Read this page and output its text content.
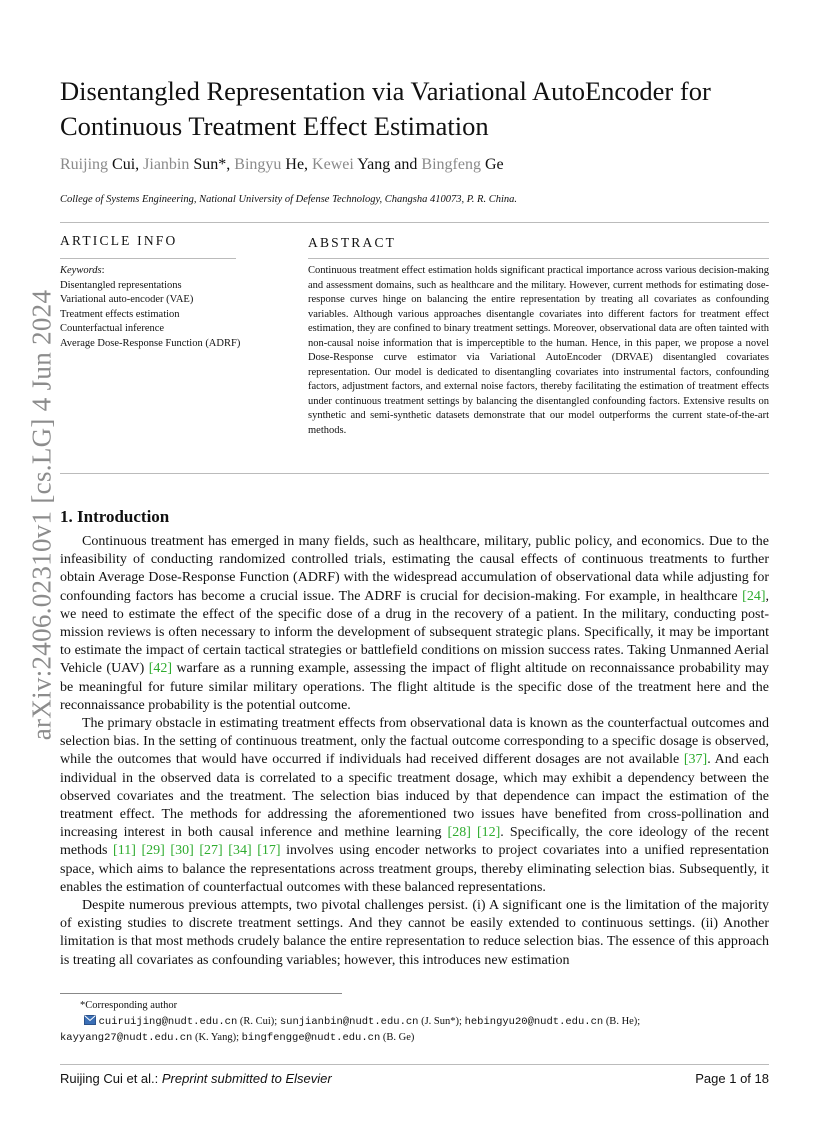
arXiv:2406.02310v1 [cs.LG] 4 Jun 2024
Disentangled Representation via Variational AutoEncoder for
Continuous Treatment Effect Estimation
Ruijing Cui, Jianbin Sun*, Bingyu He, Kewei Yang and Bingfeng Ge
College of Systems Engineering, National University of Defense Technology, Changsha 410073, P. R. China.
ARTICLE INFO
Keywords:
Disentangled representations
Variational auto-encoder (VAE)
Treatment effects estimation
Counterfactual inference
Average Dose-Response Function (ADRF)
ABSTRACT
Continuous treatment effect estimation holds significant practical importance across various decision-making and assessment domains, such as healthcare and the military. However, current methods for estimating dose-response curves hinge on balancing the entire representation by treating all covariates as confounding variables. Although various approaches disentangle covariates into different factors for treatment effect estimation, they are confined to binary treatment settings. Moreover, observational data are often tainted with non-causal noise information that is imperceptible to the human. Hence, in this paper, we propose a novel Dose-Response curve estimator via Variational AutoEncoder (DRVAE) disentangled covariates representation. Our model is dedicated to disentangling covariates into instrumental factors, confounding factors, adjustment factors, and external noise factors, thereby facilitating the estimation of treatment effects under continuous treatment settings by balancing the disentangled confounding factors. Extensive results on synthetic and semi-synthetic datasets demonstrate that our model outperforms the current state-of-the-art methods.
1. Introduction

Continuous treatment has emerged in many fields, such as healthcare, military, public policy, and economics. Due to the infeasibility of conducting randomized controlled trials, estimating the causal effects of continuous treatments to further obtain Average Dose-Response Function (ADRF) with the widespread accumulation of observational data while adjusting for confounding factors has become a crucial issue. The ADRF is crucial for decision-making. For example, in healthcare [24], we need to estimate the effect of the specific dose of a drug in the recovery of a patient. In the military, conducting post-mission reviews is often necessary to inform the development of subsequent strategic plans. Specifically, it may be important to estimate the impact of certain tactical strategies or battlefield conditions on mission success rates. Taking Unmanned Aerial Vehicle (UAV) [42] warfare as a running example, assessing the impact of flight altitude on reconnaissance probability may be meaningful for future similar military operations. The flight altitude is the specific dose of the treatment here and the reconnaissance probability is the potential outcome.

The primary obstacle in estimating treatment effects from observational data is known as the counterfactual outcomes and selection bias. In the setting of continuous treatment, only the factual outcome corresponding to a specific dosage is observed, while the outcomes that would have occurred if individuals had received different dosages are not available [37]. And each individual in the observed data is correlated to a specific treatment dosage, which may exhibit a dependency between the observed covariates and the treatment. The selection bias induced by that dependence can impact the estimation of the treatment effect. The methods for addressing the aforementioned two issues have benefited from cross-pollination and increasing interest in both causal inference and methine learning [28] [12]. Specifically, the core ideology of the recent methods [11] [29] [30] [27] [34] [17] involves using encoder networks to project covariates into a unified representation space, which aims to balance the representations across treatment groups, thereby eliminating selection bias. Subsequently, it enables the estimation of counterfactual outcomes with these balanced representations.

Despite numerous previous attempts, two pivotal challenges persist. (i) A significant one is the limitation of the majority of existing studies to discrete treatment settings. And they cannot be easily extended to continuous settings. (ii) Another limitation is that most methods crudely balance the entire representation to reduce selection bias. The essence of this approach is treating all covariates as confounding variables; however, this introduces new estimation

*Corresponding author
cuiruijing@nudt.edu.cn (R. Cui); sunjianbin@nudt.edu.cn (J. Sun*); hebingyu20@nudt.edu.cn (B. He);
kayyang27@nudt.edu.cn (K. Yang); bingfengge@nudt.edu.cn (B. Ge)
Ruijing Cui et al.: Preprint submitted to Elsevier	Page 1 of 18
